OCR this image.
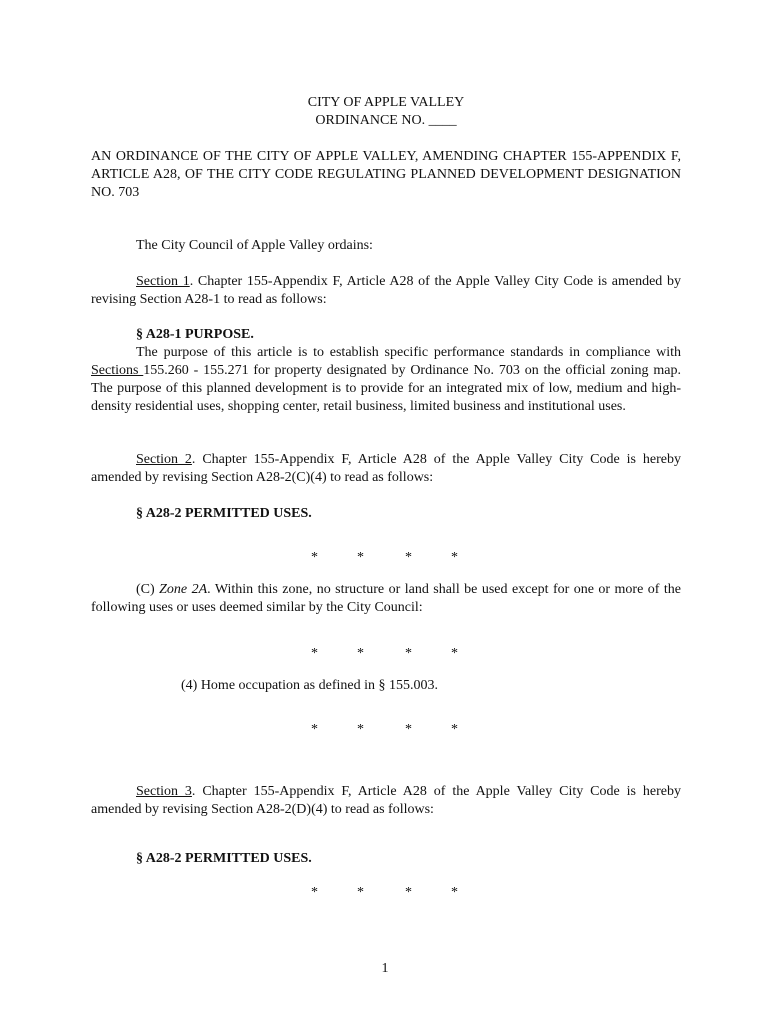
CITY OF APPLE VALLEY
ORDINANCE NO. ____
AN ORDINANCE OF THE CITY OF APPLE VALLEY, AMENDING CHAPTER 155-APPENDIX F, ARTICLE A28, OF THE CITY CODE REGULATING PLANNED DEVELOPMENT DESIGNATION NO. 703
The City Council of Apple Valley ordains:
Section 1. Chapter 155-Appendix F, Article A28 of the Apple Valley City Code is amended by revising Section A28-1 to read as follows:
§ A28-1 PURPOSE.
The purpose of this article is to establish specific performance standards in compliance with Sections 155.260 - 155.271 for property designated by Ordinance No. 703 on the official zoning map. The purpose of this planned development is to provide for an integrated mix of low, medium and high-density residential uses, shopping center, retail business, limited business and institutional uses.
Section 2. Chapter 155-Appendix F, Article A28 of the Apple Valley City Code is hereby amended by revising Section A28-2(C)(4) to read as follows:
§ A28-2 PERMITTED USES.
*	*	*	*
(C) Zone 2A. Within this zone, no structure or land shall be used except for one or more of the following uses or uses deemed similar by the City Council:
*	*	*	*
(4) Home occupation as defined in § 155.003.
*	*	*	*
Section 3. Chapter 155-Appendix F, Article A28 of the Apple Valley City Code is hereby amended by revising Section A28-2(D)(4) to read as follows:
§ A28-2 PERMITTED USES.
*	*	*	*
1
